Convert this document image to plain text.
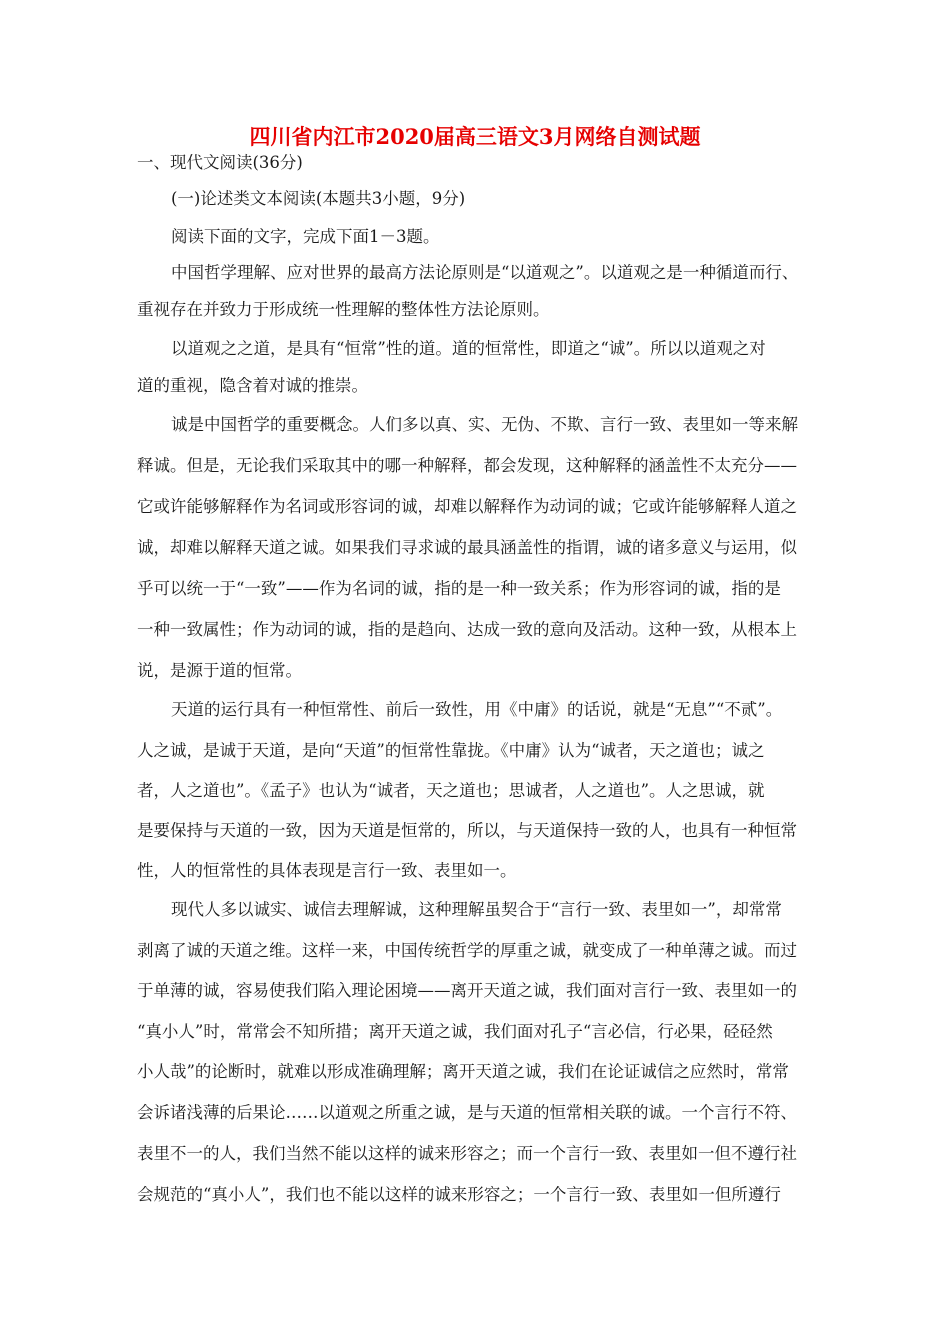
四川省内江市2020届高三语文3月网络自测试题
一、现代文阅读(36分)
(一)论述类文本阅读(本题共3小题，9分)
阅读下面的文字，完成下面1－3题。
中国哲学理解、应对世界的最高方法论原则是“以道观之”。以道观之是一种循道而行、
重视存在并致力于形成统一性理解的整体性方法论原则。
以道观之之道，是具有“恒常”性的道。道的恒常性，即道之“诚”。所以以道观之对
道的重视，隐含着对诚的推崇。
诚是中国哲学的重要概念。人们多以真、实、无伪、不欺、言行一致、表里如一等来解
释诚。但是，无论我们采取其中的哪一种解释，都会发现，这种解释的涵盖性不太充分——
它或许能够解释作为名词或形容词的诚，却难以解释作为动词的诚；它或许能够解释人道之
诚，却难以解释天道之诚。如果我们寻求诚的最具涵盖性的指谓，诚的诸多意义与运用，似
乎可以统一于“一致”——作为名词的诚，指的是一种一致关系；作为形容词的诚，指的是
一种一致属性；作为动词的诚，指的是趋向、达成一致的意向及活动。这种一致，从根本上
说，是源于道的恒常。
天道的运行具有一种恒常性、前后一致性，用《中庸》的话说，就是“无息”“不贰”。
人之诚，是诚于天道，是向“天道”的恒常性靠拢。《中庸》认为“诚者，天之道也；诚之
者，人之道也”。《孟子》也认为“诚者，天之道也；思诚者，人之道也”。人之思诚，就
是要保持与天道的一致，因为天道是恒常的，所以，与天道保持一致的人，也具有一种恒常
性，人的恒常性的具体表现是言行一致、表里如一。
现代人多以诚实、诚信去理解诚，这种理解虽契合于“言行一致、表里如一”，却常常
剥离了诚的天道之维。这样一来，中国传统哲学的厚重之诚，就变成了一种单薄之诚。而过
于单薄的诚，容易使我们陷入理论困境——离开天道之诚，我们面对言行一致、表里如一的
“真小人”时，常常会不知所措；离开天道之诚，我们面对孔子“言必信，行必果，硁硁然
小人哉”的论断时，就难以形成准确理解；离开天道之诚，我们在论证诚信之应然时，常常
会诉诸浅薄的后果论……以道观之所重之诚，是与天道的恒常相关联的诚。一个言行不符、
表里不一的人，我们当然不能以这样的诚来形容之；而一个言行一致、表里如一但不遵行社
会规范的“真小人”，我们也不能以这样的诚来形容之；一个言行一致、表里如一但所遵行
